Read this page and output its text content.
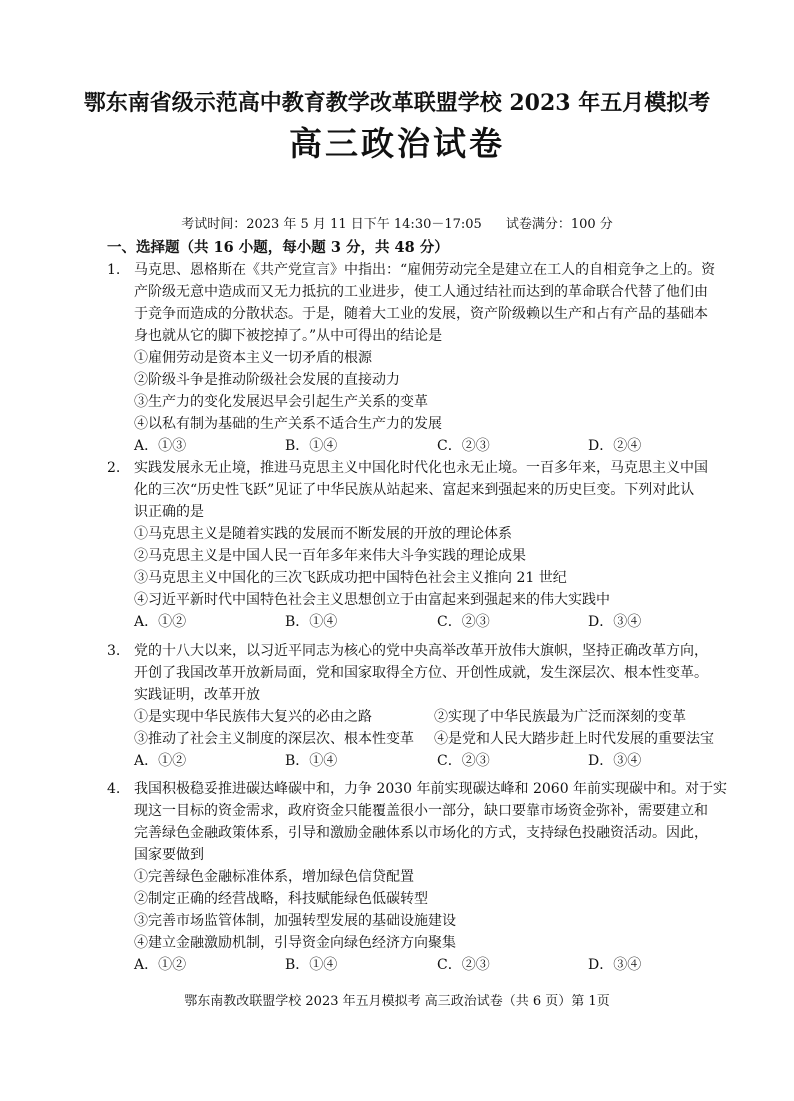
鄂东南省级示范高中教育教学改革联盟学校 2023 年五月模拟考
高三政治试卷
考试时间：2023 年 5 月 11 日下午 14:30－17:05 试卷满分：100 分
一、选择题（共 16 小题，每小题 3 分，共 48 分）
1. 马克思、恩格斯在《共产党宣言》中指出：“雇佣劳动完全是建立在工人的自相竞争之上的。资
产阶级无意中造成而又无力抵抗的工业进步，使工人通过结社而达到的革命联合代替了他们由
于竞争而造成的分散状态。于是，随着大工业的发展，资产阶级赖以生产和占有产品的基础本
身也就从它的脚下被挖掉了。”从中可得出的结论是
①雇佣劳动是资本主义一切矛盾的根源
②阶级斗争是推动阶级社会发展的直接动力
③生产力的变化发展迟早会引起生产关系的变革
④以私有制为基础的生产关系不适合生产力的发展
A．①③	B．①④	C．②③	D．②④
2. 实践发展永无止境，推进马克思主义中国化时代化也永无止境。一百多年来，马克思主义中国
化的三次“历史性飞跃”见证了中华民族从站起来、富起来到强起来的历史巨变。下列对此认
识正确的是
①马克思主义是随着实践的发展而不断发展的开放的理论体系
②马克思主义是中国人民一百年多年来伟大斗争实践的理论成果
③马克思主义中国化的三次飞跃成功把中国特色社会主义推向 21 世纪
④习近平新时代中国特色社会主义思想创立于由富起来到强起来的伟大实践中
A．①②	B．①④	C．②③	D．③④
3. 党的十八大以来，以习近平同志为核心的党中央高举改革开放伟大旗帜，坚持正确改革方向，
开创了我国改革开放新局面，党和国家取得全方位、开创性成就，发生深层次、根本性变革。
实践证明，改革开放
①是实现中华民族伟大复兴的必由之路	②实现了中华民族最为广泛而深刻的变革
③推动了社会主义制度的深层次、根本性变革 ④是党和人民大踏步赶上时代发展的重要法宝
A．①②	B．①④	C．②③	D．③④
4. 我国积极稳妥推进碳达峰碳中和，力争 2030 年前实现碳达峰和 2060 年前实现碳中和。对于实
现这一目标的资金需求，政府资金只能覆盖很小一部分，缺口要靠市场资金弥补，需要建立和
完善绿色金融政策体系，引导和激励金融体系以市场化的方式，支持绿色投融资活动。因此，
国家要做到
①完善绿色金融标准体系，增加绿色信贷配置
②制定正确的经营战略，科技赋能绿色低碳转型
③完善市场监管体制，加强转型发展的基础设施建设
④建立金融激励机制，引导资金向绿色经济方向聚集
A．①②	B．①④	C．②③	D．③④
鄂东南教改联盟学校 2023 年五月模拟考 高三政治试卷（共 6 页）第 1页
